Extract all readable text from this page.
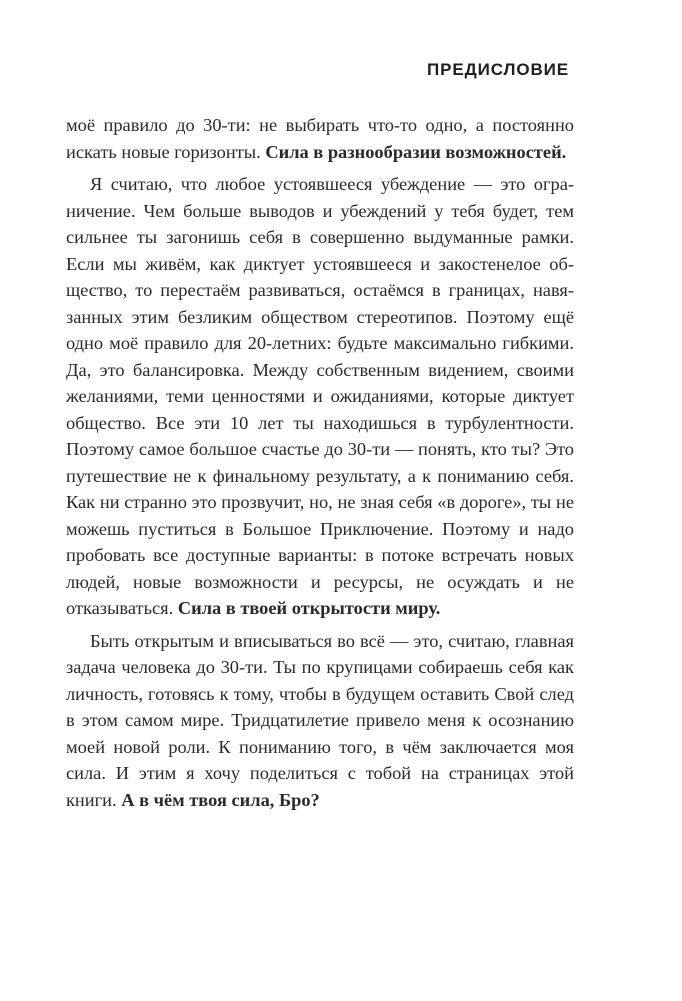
ПРЕДИСЛОВИЕ

моё правило до 30-ти: не выбирать что-то одно, а постоянно искать новые горизонты. Сила в разнообразии возможностей.

Я считаю, что любое устоявшееся убеждение — это ограничение. Чем больше выводов и убеждений у тебя будет, тем сильнее ты загонишь себя в совершенно выдуманные рамки. Если мы живём, как диктует устоявшееся и закостенелое общество, то перестаём развиваться, остаёмся в границах, навязанных этим безликим обществом стереотипов. Поэтому ещё одно моё правило для 20-летних: будьте максимально гибкими. Да, это балансировка. Между собственным видением, своими желаниями, теми ценностями и ожиданиями, которые диктует общество. Все эти 10 лет ты находишься в турбулентности. Поэтому самое большое счастье до 30-ти — понять, кто ты? Это путешествие не к финальному результату, а к пониманию себя. Как ни странно это прозвучит, но, не зная себя «в дороге», ты не можешь пуститься в Большое Приключение. Поэтому и надо пробовать все доступные варианты: в потоке встречать новых людей, новые возможности и ресурсы, не осуждать и не отказываться. Сила в твоей открытости миру.

Быть открытым и вписываться во всё — это, считаю, главная задача человека до 30-ти. Ты по крупицами собираешь себя как личность, готовясь к тому, чтобы в будущем оставить Свой след в этом самом мире. Тридцатилетие привело меня к осознанию моей новой роли. К пониманию того, в чём заключается моя сила. И этим я хочу поделиться с тобой на страницах этой книги. А в чём твоя сила, Бро?
